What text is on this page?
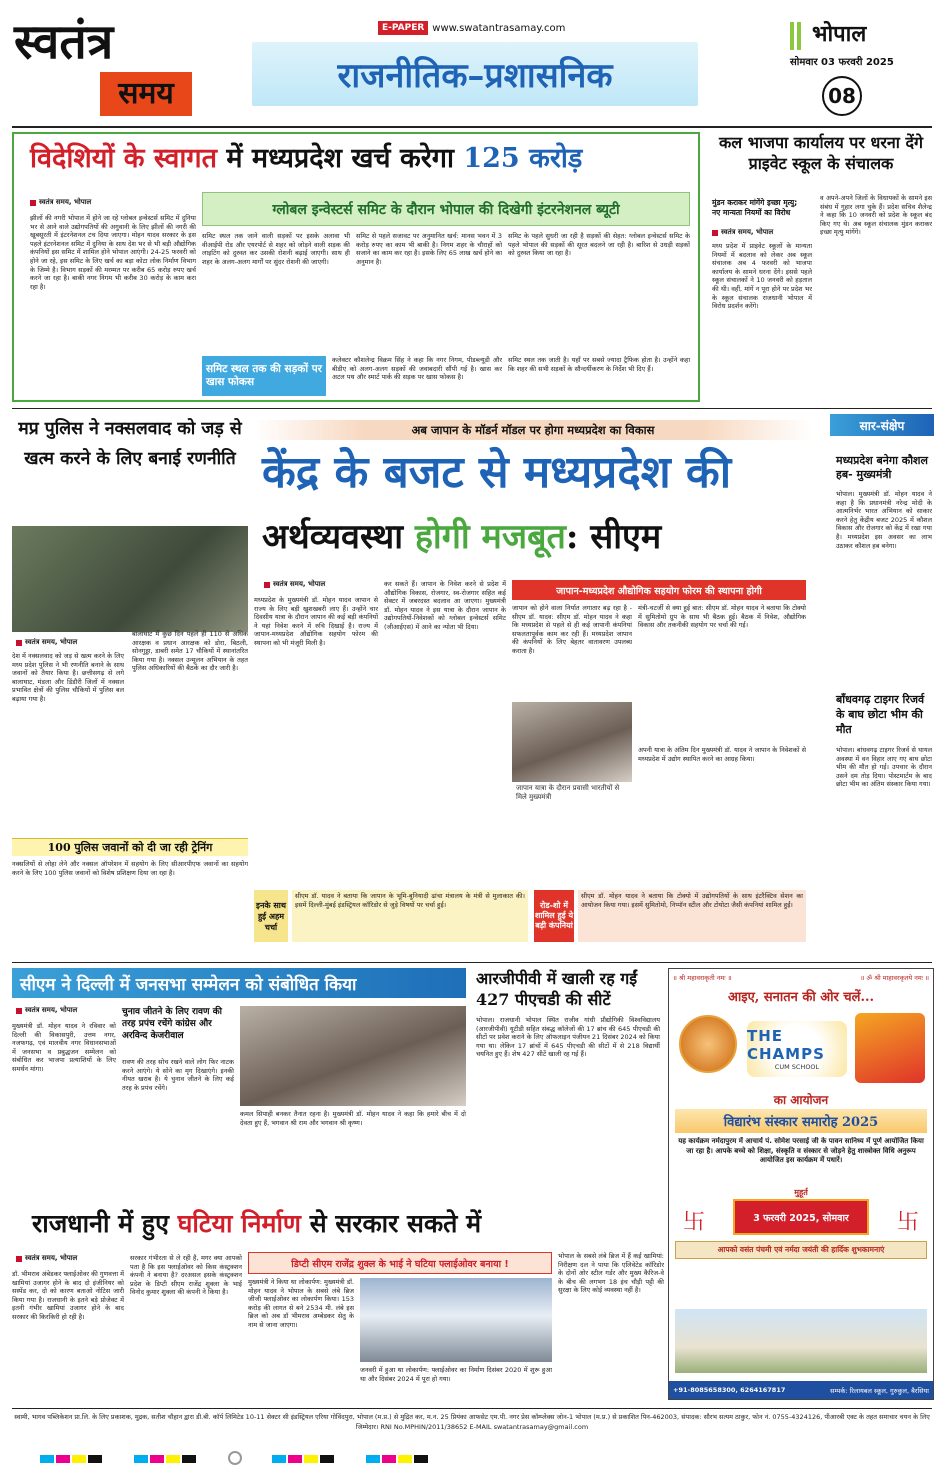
स्वतंत्र
समय
E-PAPER www.swatantrasamay.com
राजनीतिक–प्रशासनिक
भोपाल
सोमवार 03 फरवरी 2025
08
विदेशियों के स्वागत में मध्यप्रदेश खर्च करेगा 125 करोड़
स्वतंत्र समय, भोपाल
झीलों की नगरी भोपाल में होने जा रहे ग्लोबल इन्वेस्टर्स समिट में दुनिया भर से आने वाले उद्योगपतियों की अगुवानी के लिए झीलों की नगरी की खूबसूरती में इंटरनेशनल टच दिया जाएगा। मोहन यादव सरकार के इस पहले इंटरनेशनल समिट में दुनिया के साथ देश भर से भी बड़ी औद्योगिक कंपनियों इस समिट में शामिल होने भोपाल आएंगी। 24-25 फरवरी को होने जा रहे, इस समिट के लिए खर्च का बड़ा कोटा लोक निर्माण विभाग के जिम्मे है। विभाग सड़कों की मरम्मत पर करीब 65 करोड़ रुपए खर्च करने जा रहा है। बाकी नगर निगम भी करीब 30 करोड़ के काम करा रहा है।
ग्लोबल इन्वेस्टर्स समिट के दौरान भोपाल की दिखेगी इंटरनेशनल ब्यूटी
समिट स्थल तक जाने वाली सड़कों पर इसके अलावा भी वीआईपी रोड और एयरपोर्ट से शहर को जोड़ने वाली सड़क की लाइटिंग को दुरुस्त कर उसकी रोशनी बढ़ाई जाएगी। साथ ही शहर के अलग-अलग मार्गों पर सुंदर रोशनी की जाएगी।
समिट से पहले सजावट पर अनुमानित खर्च: मानस भवन में 3 करोड़ रुपए का काम भी बाकी है। निगम शहर के चौराहों को सजाने का काम कर रहा है। इसके लिए 65 लाख खर्च होने का अनुमान है।
समिट के पहले सुधरी जा रही है सड़कों की सेहत: ग्लोबल इन्वेस्टर्स समिट के पहले भोपाल की सड़कों की सूरत बदलने जा रही है। बारिश से उधड़ी सड़कों को दुरुस्त किया जा रहा है।
समिट स्थल तक की सड़कों पर खास फोकस
कलेक्टर कौशलेन्द्र विक्रम सिंह ने कहा कि नगर निगम, पीडब्ल्यूडी और बीडीए को अलग-अलग सड़कों की जवाबदारी सौंपी गई है। खास कर अटल पथ और स्मार्ट पार्क की सड़क पर खास फोकस है।
समिट स्थल तक जाती है। यहाँ पर सबसे ज्यादा ट्रैफिक होता है। उन्होंने कहा कि शहर की सभी सड़कों के सौन्दर्यीकरण के निर्देश भी दिए हैं।
कल भाजपा कार्यालय पर धरना देंगे प्राइवेट स्कूल के संचालक
मुंडन कराकर मांगेंगे इच्छा मृत्यु; नए मान्यता नियमों का विरोध
स्वतंत्र समय, भोपाल
मध्य प्रदेश में प्राइवेट स्कूलों के मान्यता नियमों में बदलाव को लेकर अब स्कूल संचालक अब 4 फरवरी को भाजपा कार्यालय के सामने धरना देंगे। इससे पहले स्कूल संचालकों ने 10 जनवरी को हड़ताल की थी। वहीं, मांगें न पूरा होने पर प्रदेश भर के स्कूल संचालक राजधानी भोपाल में विरोध प्रदर्शन करेंगे।
व अपने-अपने जिलों के विधायकों के सामने इस संबंध में गुहार लगा चुके हैं। प्रदेश सचिव शैलेन्द्र ने कहा कि 10 जनवरी को प्रदेश के स्कूल बंद किए गए थे। अब स्कूल संचालक मुंडन कराकर इच्छा मृत्यु मांगेंगे।
मप्र पुलिस ने नक्सलवाद को जड़ से खत्म करने के लिए बनाई रणनीति
स्वतंत्र समय, भोपाल
देश में नक्सलवाद को जड़ से खत्म करने के लिए मध्य प्रदेश पुलिस ने भी रणनीति बनाने के साथ जवानों को तैयार किया है। छत्तीसगढ़ से लगे बालाघाट, मंडला और डिंडौरी जिलों में नक्सल प्रभावित क्षेत्रों की पुलिस चौकियों में पुलिस बल बढ़ाया गया है।
बालाघाट में कुछ दिन पहले ही 110 से अधिक आरक्षक व प्रधान आरक्षक को डोरा, बिठली, सोनगुड्डा, डाबरी समेत 17 चौकियों में स्थानांतरित किया गया है। नक्सल उन्मूलन अभियान के तहत पुलिस अधिकारियों की बैठकें का दौर जारी है।
100 पुलिस जवानों को दी जा रही ट्रेनिंग
नक्सलियों से लोहा लेने और नक्सल ऑपरेशन में सहयोग के लिए सीआरपीएफ जवानों का सहयोग करने के लिए 100 पुलिस जवानों को विशेष प्रशिक्षण दिया जा रहा है।
अब जापान के मॉडर्न मॉडल पर होगा मध्यप्रदेश का विकास
केंद्र के बजट से मध्यप्रदेश की
अर्थव्यवस्था होगी मजबूत: सीएम
स्वतंत्र समय, भोपाल
मध्यप्रदेश के मुख्यमंत्री डॉ. मोहन यादव जापान से राज्य के लिए बड़ी खुशखबरी लाए हैं। उन्होंने चार दिवसीय यात्रा के दौरान जापान की कई बड़ी कंपनियों ने यहां निवेश करने में रुचि दिखाई है। राज्य में जापान-मध्यप्रदेश औद्योगिक सहयोग फोरम की स्थापना को भी मंजूरी मिली है।
कर सकते हैं। जापान के निवेश करने से प्रदेश में औद्योगिक विकास, रोजगार, स्व-रोजगार सहित कई सेक्टर में जबरदस्त बदलाव आ जाएगा। मुख्यमंत्री डॉ. मोहन यादव ने इस यात्रा के दौरान जापान के उद्योगपतियों-निवेशकों को ग्लोबल इन्वेस्टर्स समिट (जीआईएस) में आने का न्योता भी दिया।
जापान-मध्यप्रदेश औद्योगिक सहयोग फोरम की स्थापना होगी
जापान को होने वाला निर्यात लगातार बढ़ रहा है - सीएम डॉ. यादव: सीएम डॉ. मोहन यादव ने कहा कि मध्यप्रदेश से पहले से ही कई जापानी कंपनियां सफलतापूर्वक काम कर रही हैं। मध्यप्रदेश जापान की कंपनियों के लिए बेहतर वातावरण उपलब्ध कराता है।
जापान यात्रा के दौरान प्रवासी भारतीयों से मिले मुख्यमंत्री
मंत्री-चटर्जी से क्या हुई बात: सीएम डॉ. मोहन यादव ने बताया कि टोक्यो में सुमितोमो ग्रुप के साथ भी बैठक हुई। बैठक में निवेश, औद्योगिक विकास और तकनीकी सहयोग पर चर्चा की गई।
अपनी यात्रा के अंतिम दिन मुख्यमंत्री डॉ. यादव ने जापान के निवेशकों से मध्यप्रदेश में उद्योग स्थापित करने का आग्रह किया।
इनके साथ हुई अहम चर्चा
सीएम डॉ. यादव ने बताया कि जापान के भूमि-बुनियादी ढांचा मंत्रालय के मंत्री से मुलाकात की। इसमें दिल्ली-मुंबई इंडस्ट्रियल कॉरिडोर से जुड़े विषयों पर चर्चा हुई।	रोड-शो में शामिल हुई ये बड़ी कंपनियां
सीएम डॉ. मोहन यादव ने बताया कि टोक्यो में उद्योगपतियों के साथ इंटरैक्टिव सेशन का आयोजन किया गया। इसमें सुमितोमो, निप्पॉन स्टील और टोयोटा जैसी कंपनियां शामिल हुईं।
सार-संक्षेप
मध्यप्रदेश बनेगा कौशल हब- मुख्यमंत्री
भोपाल। मुख्यमंत्री डॉ. मोहन यादव ने कहा है कि प्रधानमंत्री नरेन्द्र मोदी के आत्मनिर्भर भारत अभियान को साकार करने हेतु केंद्रीय बजट 2025 में कौशल विकास और रोजगार को केंद्र में रखा गया है। मध्यप्रदेश इस अवसर का लाभ उठाकर कौशल हब बनेगा।
बाँधवगढ़ टाइगर रिजर्व के बाघ छोटा भीम की मौत
भोपाल। बांधवगढ़ टाइगर रिजर्व से घायल अवस्था में वन विहार लाए गए बाघ छोटा भीम की मौत हो गई। उपचार के दौरान उसने दम तोड़ दिया। पोस्टमार्टम के बाद छोटा भीम का अंतिम संस्कार किया गया।
सीएम ने दिल्ली में जनसभा सम्मेलन को संबोधित किया
स्वतंत्र समय, भोपाल
मुख्यमंत्री डॉ. मोहन यादव ने रविवार को दिल्ली की विकासपुरी, उत्तम नगर, नजफगढ़, एवं मालवीय नगर विधानसभाओं में जनसभा व प्रबुद्धजन सम्मेलन को संबोधित कर भाजपा प्रत्याशियों के लिए समर्थन मांगा।
चुनाव जीतने के लिए रावण की तरह प्रपंच रचेंगे कांग्रेस और अरविन्द केजरीवाल
रावण की तरह सोच रखने वाले लोग फिर नाटक करने आएंगे। ये सोने का मृग दिखाएंगे। इनकी नीयत खराब है। ये चुनाव जीतने के लिए कई तरह के प्रपंच रचेंगे।
कमल सिपाही बनकर तैनात रहना है। मुख्यमंत्री डॉ. मोहन यादव ने कहा कि हमारे बीच में दो देवता हुए हैं, भगवान श्री राम और भगवान श्री कृष्ण।
आरजीपीवी में खाली रह गईं 427 पीएचडी की सीटें
भोपाल। राजधानी भोपाल स्थित राजीव गांधी प्रौद्योगिकी विश्वविद्यालय (आरजीपीवी) यूटीडी सहित संबद्ध कॉलेजों की 17 ब्रांच की 645 पीएचडी की सीटों पर प्रवेश कराने के लिए ऑफलाइन पंजीयन 21 दिसंबर 2024 को किया गया था। लेकिन 17 ब्रांचों में 645 पीएचडी की सीटों में से 218 विद्यार्थी चयनित हुए हैं। शेष 427 सीटें खाली रह गई हैं।
राजधानी में हुए घटिया निर्माण से सरकार सकते में
स्वतंत्र समय, भोपाल
डॉ. भीमराव अंबेडकर फ्लाईओवर की गुणवत्ता में खामियां उजागर होने के बाद दो इंजीनियर को सस्पेंड कर, दो को कारण बताओ नोटिस जारी किया गया है। राजधानी के इतने बड़े प्रोजेक्ट में इतनी गंभीर खामियां उजागर होने के बाद सरकार की किरकिरी हो रही है।
सरकार गंभीरता से ले रही है, मगर क्या आपको पता है कि इस फ्लाईओवर को किस कंस्ट्रक्शन कंपनी ने बनाया है? दरअसल इसके कंस्ट्रक्शन प्रदेश के डिप्टी सीएम राजेंद्र शुक्ला के भाई विनोद कुमार शुक्ला की कंपनी ने किया है।
डिप्टी सीएम राजेंद्र शुक्ल के भाई ने घटिया फ्लाईओवर बनाया !
मुख्यमंत्री ने किया था लोकार्पण: मुख्यमंत्री डॉ. मोहन यादव ने भोपाल के सबसे लंबे ब्रिज जीजी फ्लाईओवर का लोकार्पण किया। 153 करोड़ की लागत से बने 2534 मी. लंबे इस ब्रिज को अब डॉ भीमराव अम्बेडकर सेतु के नाम से जाना जाएगा।
जनवरी में हुआ था लोकार्पण: फ्लाईओवर का निर्माण दिसंबर 2020 में शुरू हुआ था और दिसंबर 2024 में पूरा हो गया।
भोपाल के सबसे लंबे ब्रिज में हैं कई खामियां: निरीक्षण दल ने पाया कि एलिवेटेड कॉरिडोर के दोनों ओर स्टील गर्डर और मुख्य कैरिज-वे के बीच की लगभग 18 इंच चौड़ी पट्टी की सुरक्षा के लिए कोई व्यवस्था नहीं है।
॥ श्री महावराकृती नमः ॥	॥ ॐ श्री माहावरकृतये नमः ॥
आइए, सनातन की ओर चलें...
THE CHAMPS
CUM SCHOOL
का आयोजन
विद्यारंभ संस्कार समारोह 2025
यह कार्यक्रम नर्मदापुरम में आचार्य पं. सोमेश परसाई जी के पावन सानिध्य में पूर्ण आयोजित किया जा रहा है। आपके बच्चे को शिक्षा, संस्कृति व संस्कार से जोड़ने हेतु शास्त्रोक्त विधि अनुरूप आयोजित इस कार्यक्रम में पधारें।
मुहूर्त
卐	3 फरवरी 2025, सोमवार 卐
आपको वसंत पंचमी एवं नर्मदा जयंती की हार्दिक शुभकामनाएं
+91-8085658300, 6264167817	सम्पर्क: रिलायबल स्कूल, गुरुकुल, बैरसिया
स्वामी, भागव पब्लिकेशन प्रा.लि. के लिए प्रकाशक, मुद्रक, सतीश चौहान द्वारा डी.बी. कॉर्प लिमिटेड 10-11 सेक्टर सी इंडस्ट्रियल एरिया गोविंदपुरा, भोपाल (म.प्र.) से मुद्रित कर, म.न. 25 प्रियंका आफसेट एम.पी. नगर प्रेस कॉम्प्लेक्स जोन-1 भोपाल (म.प्र.) से प्रकाशित पिन-462003, संपादक: सौरभ सत्यम ठाकुर, फोन नं. 0755-4324126, पीआरबी एक्ट के तहत समाचार चयन के लिए जिम्मेदार। RNI No.MPHIN/2011/38652 E-MAIL swatantrasamay@gmail.com
